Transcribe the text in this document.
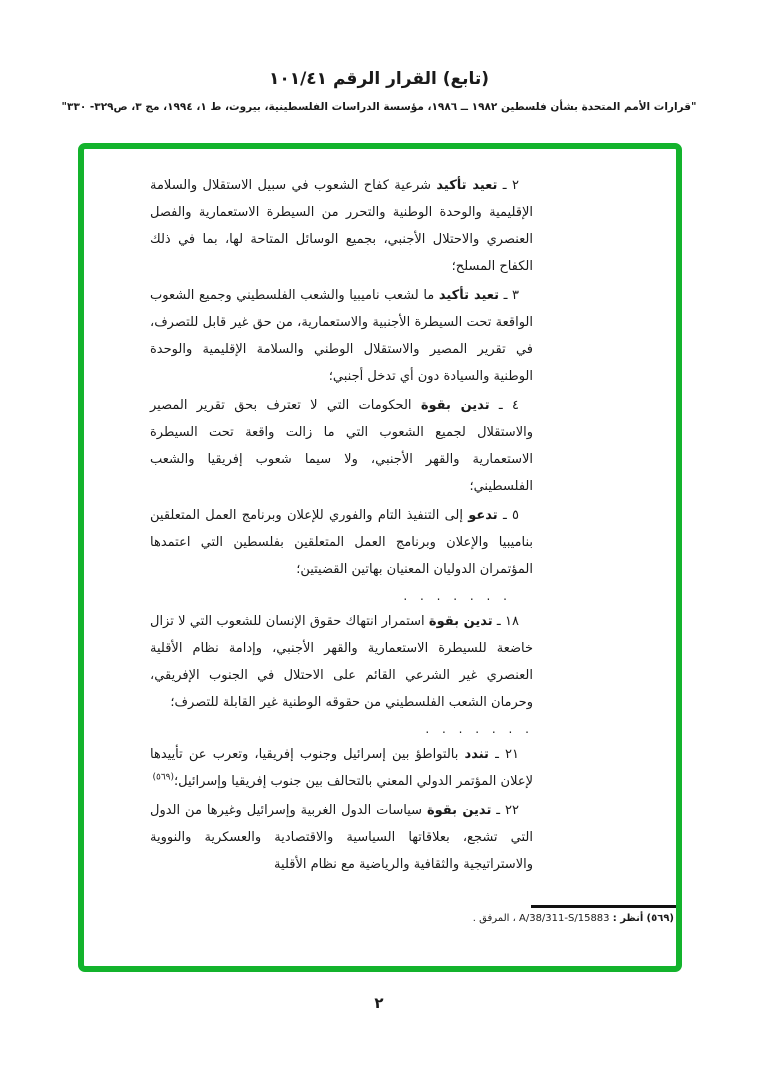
(تابع) القرار الرقم ١٠١/٤١
"قرارات الأمم المتحدة بشأن فلسطين ١٩٨٢ ــ ١٩٨٦، مؤسسة الدراسات الفلسطينية، بيروت، ط ١، ١٩٩٤، مج ٣، ص٣٢٩- ٣٣٠"

٢ ـ تعيد تأكيد شرعية كفاح الشعوب في سبيل الاستقلال والسلامة الإقليمية والوحدة الوطنية والتحرر من السيطرة الاستعمارية والفصل العنصري والاحتلال الأجنبي، بجميع الوسائل المتاحة لها، بما في ذلك الكفاح المسلح؛

٣ ـ تعيد تأكيد ما لشعب ناميبيا والشعب الفلسطيني وجميع الشعوب الواقعة تحت السيطرة الأجنبية والاستعمارية، من حق غير قابل للتصرف، في تقرير المصير والاستقلال الوطني والسلامة الإقليمية والوحدة الوطنية والسيادة دون أي تدخل أجنبي؛

٤ ـ تدين بقوة الحكومات التي لا تعترف بحق تقرير المصير والاستقلال لجميع الشعوب التي ما زالت واقعة تحت السيطرة الاستعمارية والقهر الأجنبي، ولا سيما شعوب إفريقيا والشعب الفلسطيني؛

٥ ـ تدعو إلى التنفيذ التام والفوري للإعلان وبرنامج العمل المتعلقين بناميبيا والإعلان وبرنامج العمل المتعلقين بفلسطين التي اعتمدها المؤتمران الدوليان المعنيان بهاتين القضيتين؛

. . . . . . .

١٨ ـ تدين بقوة استمرار انتهاك حقوق الإنسان للشعوب التي لا تزال خاضعة للسيطرة الاستعمارية والقهر الأجنبي، وإدامة نظام الأقلية العنصري غير الشرعي القائم على الاحتلال في الجنوب الإفريقي، وحرمان الشعب الفلسطيني من حقوقه الوطنية غير القابلة للتصرف؛

. . . . . . .

٢١ ـ تندد بالتواطؤ بين إسرائيل وجنوب إفريقيا، وتعرب عن تأييدها لإعلان المؤتمر الدولي المعني بالتحالف بين جنوب إفريقيا وإسرائيل؛$^{(٥٦٩)}$

٢٢ ـ تدين بقوة سياسات الدول الغربية وإسرائيل وغيرها من الدول التي تشجع، بعلاقاتها السياسية والاقتصادية والعسكرية والنووية والاستراتيجية والثقافية والرياضية مع نظام الأقلية

(٥٦٩) أنظر : A/38/311-S/15883 ، المرفق .
٢
